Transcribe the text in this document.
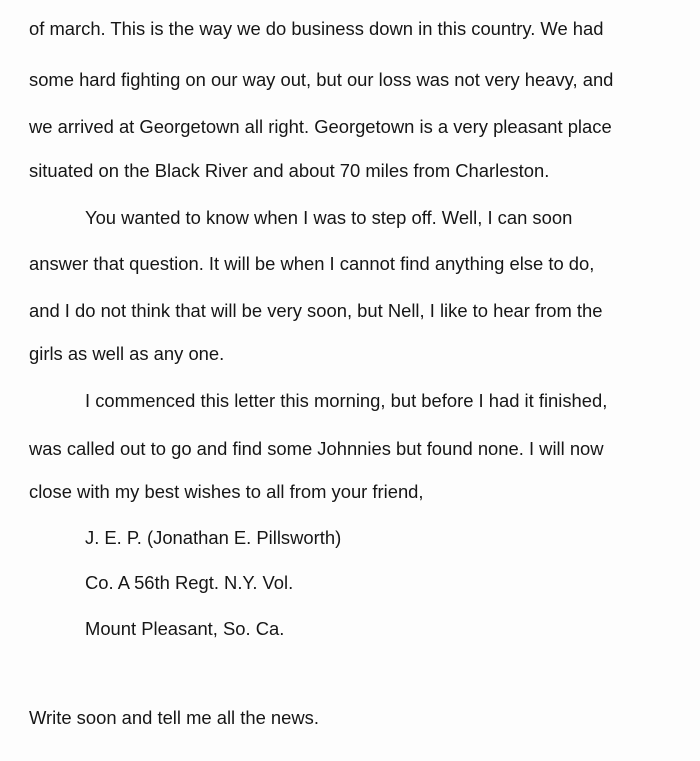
of march. This is the way we do business down in this country. We had
some hard fighting on our way out, but our loss was not very heavy, and
we arrived at Georgetown all right. Georgetown is a very pleasant place
situated on the Black River and about 70 miles from Charleston.
You wanted to know when I was to step off. Well, I can soon
answer that question. It will be when I cannot find anything else to do,
and I do not think that will be very soon, but Nell, I like to hear from the
girls as well as any one.
I commenced this letter this morning, but before I had it finished,
was called out to go and find some Johnnies but found none. I will now
close with my best wishes to all from your friend,
J. E. P. (Jonathan E. Pillsworth)
Co. A 56th Regt. N.Y. Vol.
Mount Pleasant, So. Ca.
Write soon and tell me all the news.
